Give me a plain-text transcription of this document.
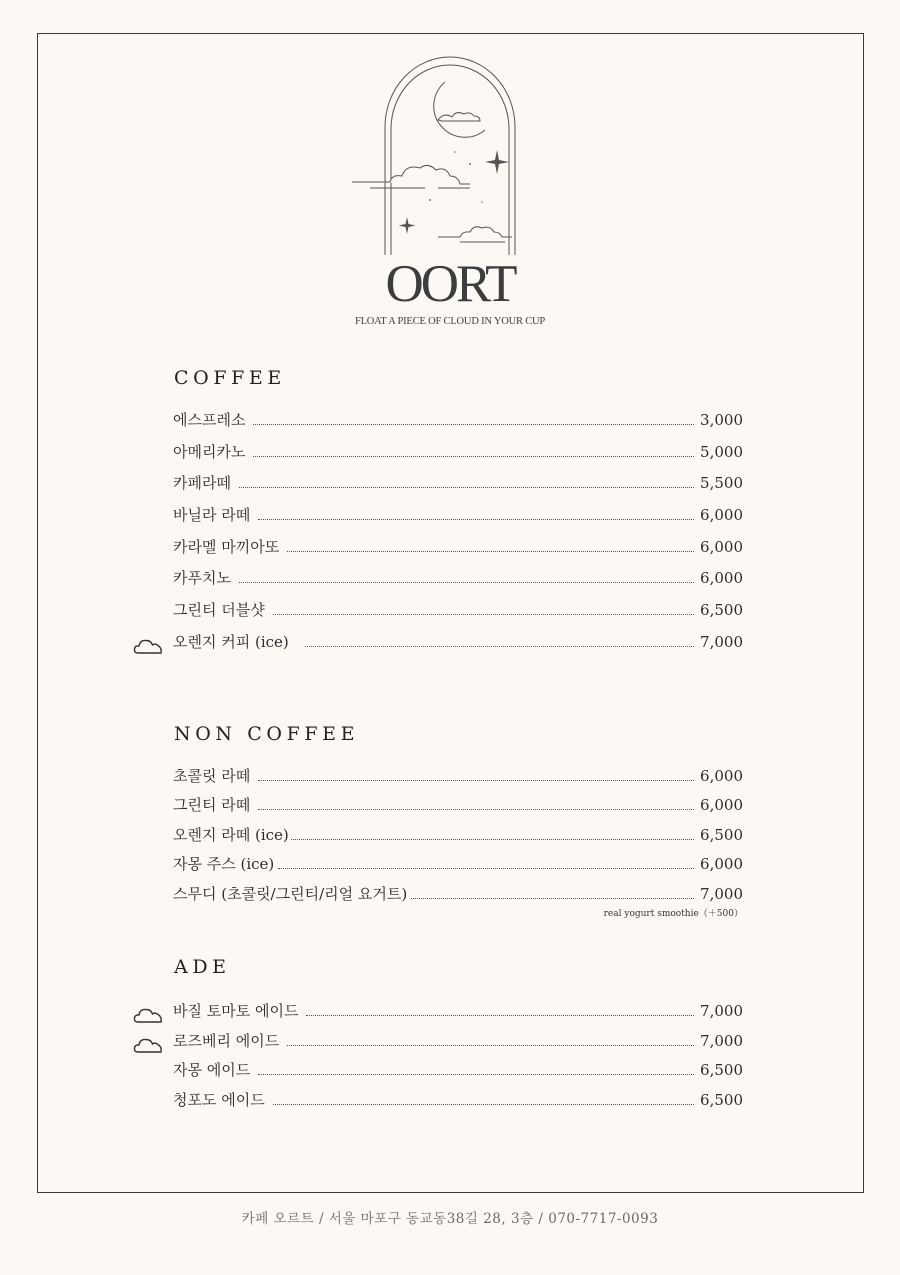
OORT
FLOAT A PIECE OF CLOUD IN YOUR CUP
COFFEE
에스프레소	3,000
아메리카노	5,000
카페라떼	5,500
바닐라 라떼	6,000
카라멜 마끼아또	6,000
카푸치노	6,000
그린티 더블샷	6,500
오렌지 커피 (ice)	7,000
NON COFFEE
초콜릿 라떼	6,000
그린티 라떼	6,000
오렌지 라떼 (ice)	6,500
자몽 주스 (ice)	6,000
스무디 (초콜릿/그린티/리얼 요거트)	7,000
real yogurt smoothie（＋500）
ADE
바질 토마토 에이드	7,000
로즈베리 에이드	7,000
자몽 에이드	6,500
청포도 에이드	6,500
카페 오르트 / 서울 마포구 동교동38길 28, 3층 / 070-7717-0093
